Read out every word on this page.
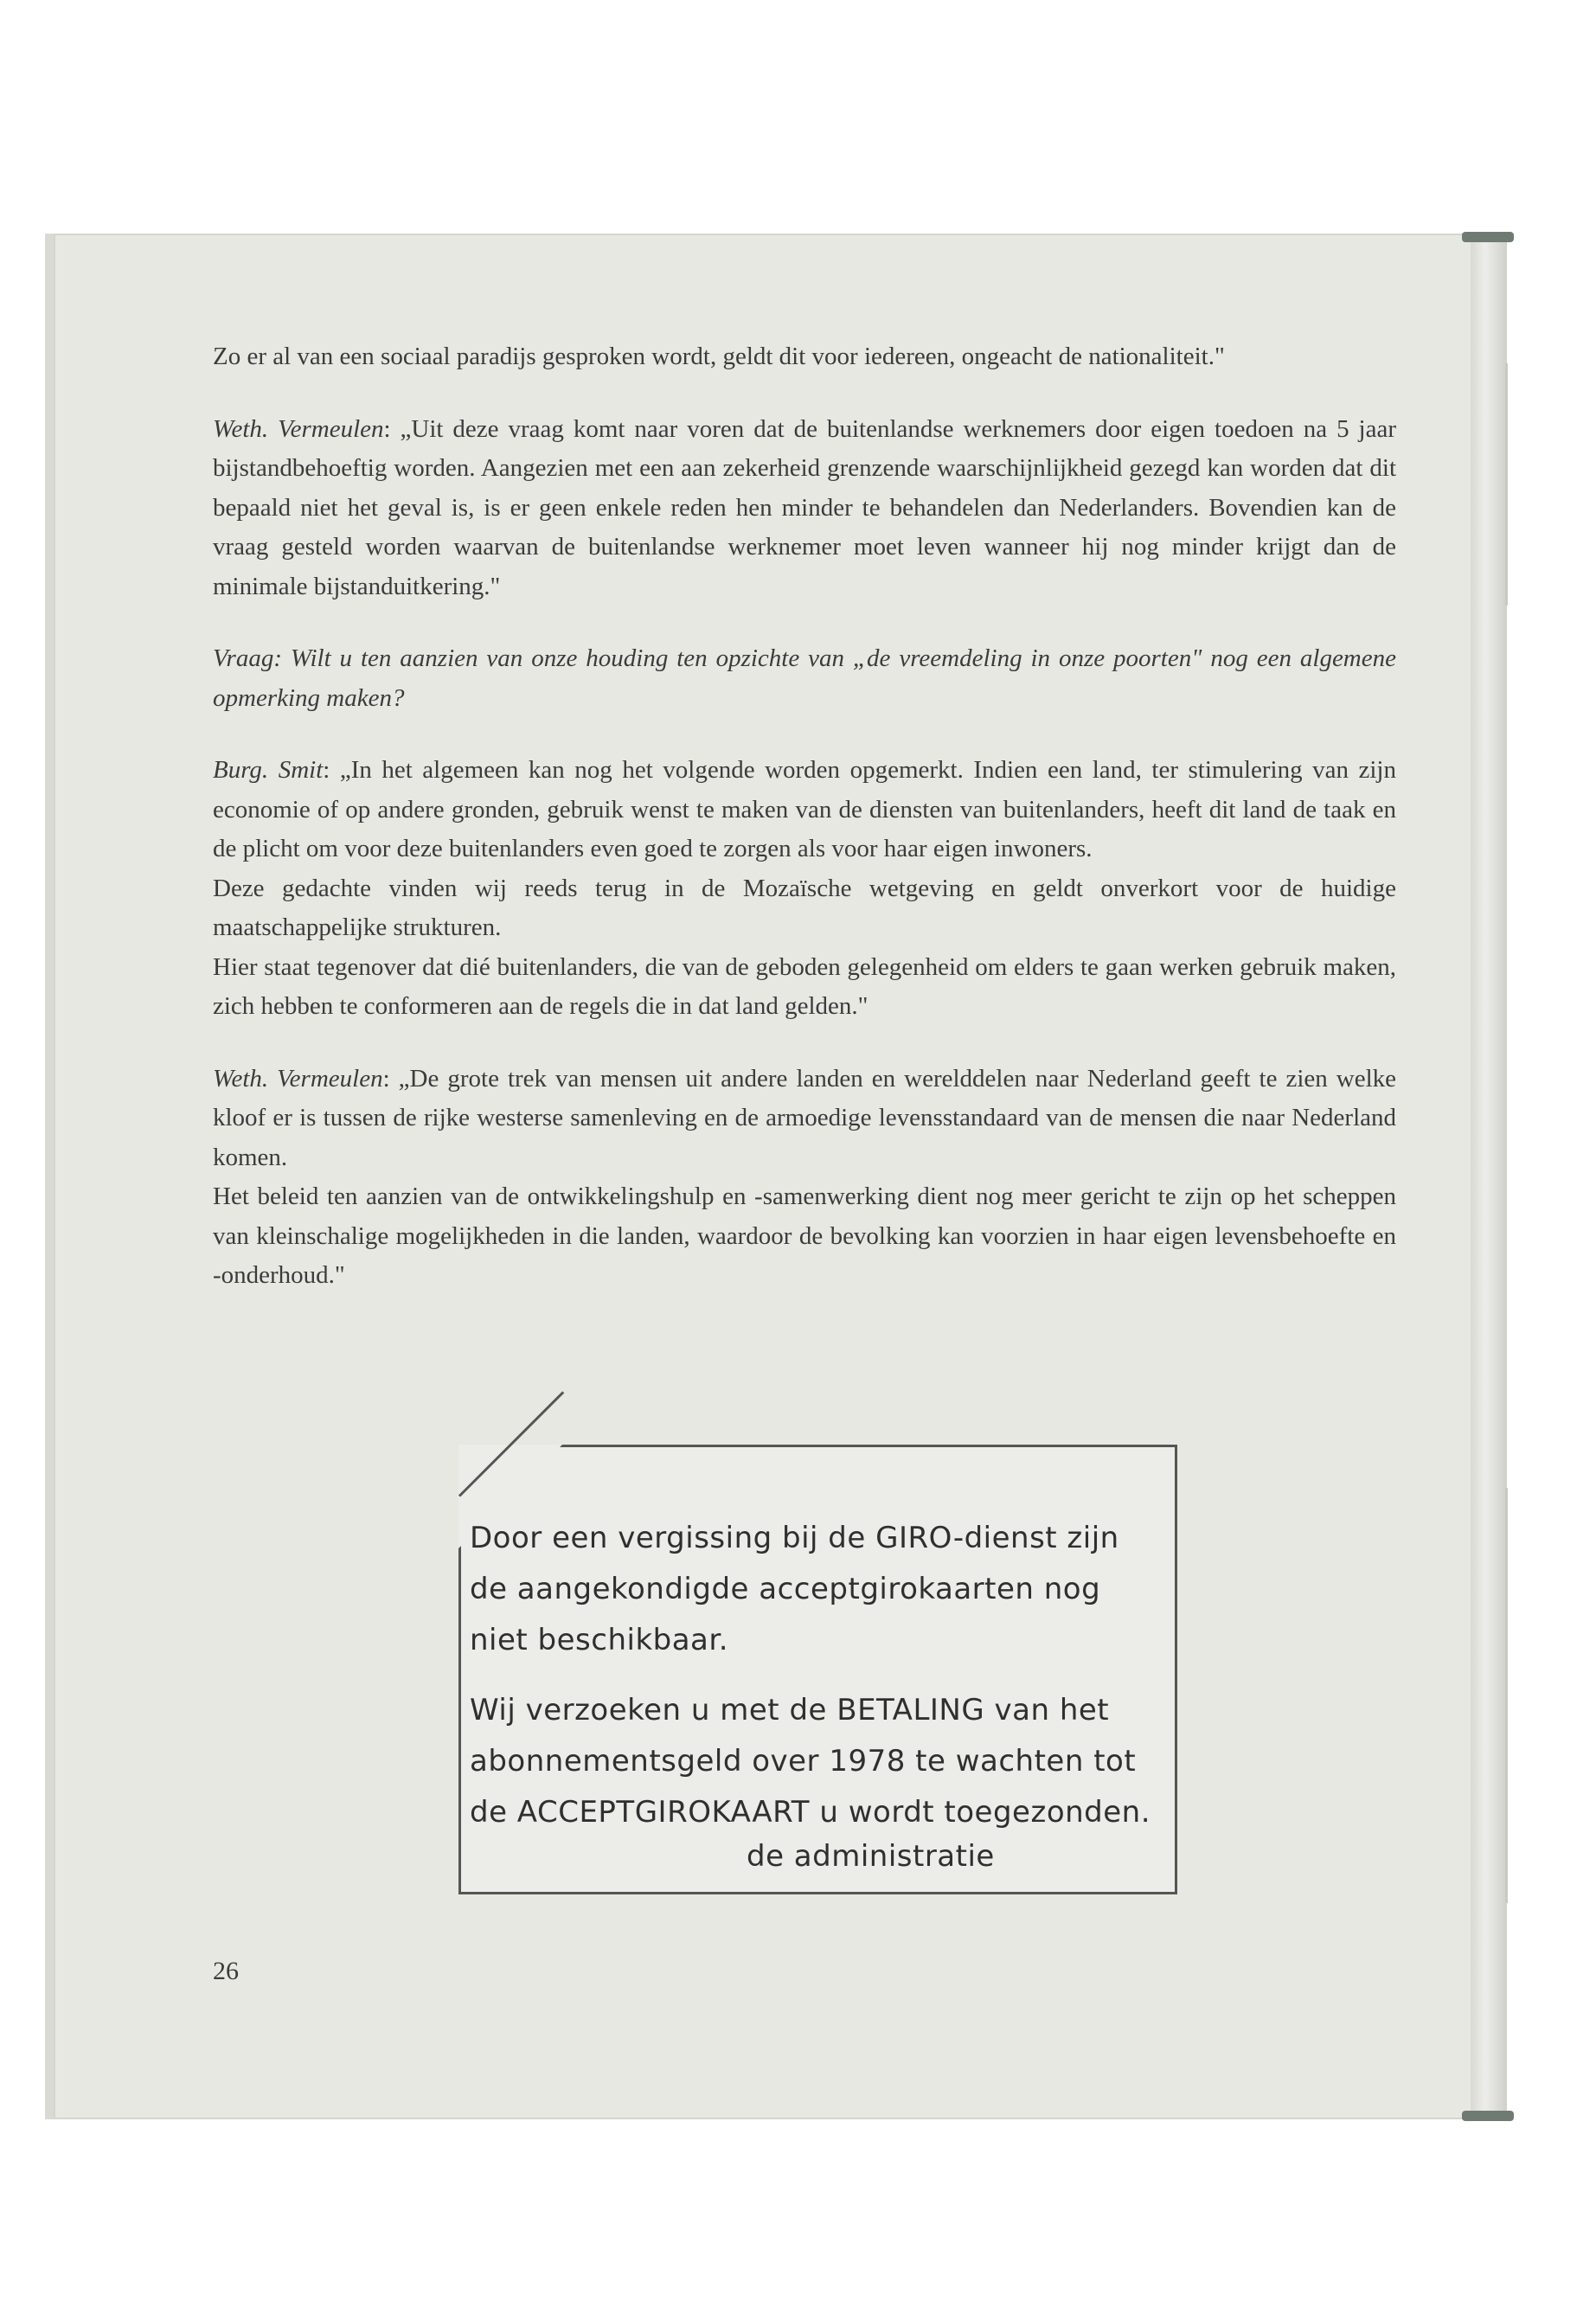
Zo er al van een sociaal paradijs gesproken wordt, geldt dit voor iedereen, ongeacht de nationaliteit."

Weth. Vermeulen: „Uit deze vraag komt naar voren dat de buitenlandse werknemers door eigen toedoen na 5 jaar bijstandbehoeftig worden. Aangezien met een aan zekerheid grenzende waarschijnlijkheid gezegd kan worden dat dit bepaald niet het geval is, is er geen enkele reden hen minder te behandelen dan Nederlanders. Bovendien kan de vraag gesteld worden waarvan de buitenlandse werknemer moet leven wanneer hij nog minder krijgt dan de minimale bijstanduitkering."

Vraag: Wilt u ten aanzien van onze houding ten opzichte van „de vreemdeling in onze poorten" nog een algemene opmerking maken?

Burg. Smit: „In het algemeen kan nog het volgende worden opgemerkt. Indien een land, ter stimulering van zijn economie of op andere gronden, gebruik wenst te maken van de diensten van buitenlanders, heeft dit land de taak en de plicht om voor deze buitenlanders even goed te zorgen als voor haar eigen inwoners.
Deze gedachte vinden wij reeds terug in de Mozaïsche wetgeving en geldt onverkort voor de huidige maatschappelijke strukturen.
Hier staat tegenover dat dié buitenlanders, die van de geboden gelegenheid om elders te gaan werken gebruik maken, zich hebben te conformeren aan de regels die in dat land gelden."

Weth. Vermeulen: „De grote trek van mensen uit andere landen en werelddelen naar Nederland geeft te zien welke kloof er is tussen de rijke westerse samenleving en de armoedige levensstandaard van de mensen die naar Nederland komen.
Het beleid ten aanzien van de ontwikkelingshulp en -samenwerking dient nog meer gericht te zijn op het scheppen van kleinschalige mogelijkheden in die landen, waardoor de bevolking kan voorzien in haar eigen levensbehoefte en -onderhoud."

Door een vergissing bij de GIRO-dienst zijn de aangekondigde acceptgirokaarten nog niet beschikbaar.

Wij verzoeken u met de BETALING van het abonnementsgeld over 1978 te wachten tot de ACCEPTGIROKAART u wordt toegezonden.

de administratie
26
